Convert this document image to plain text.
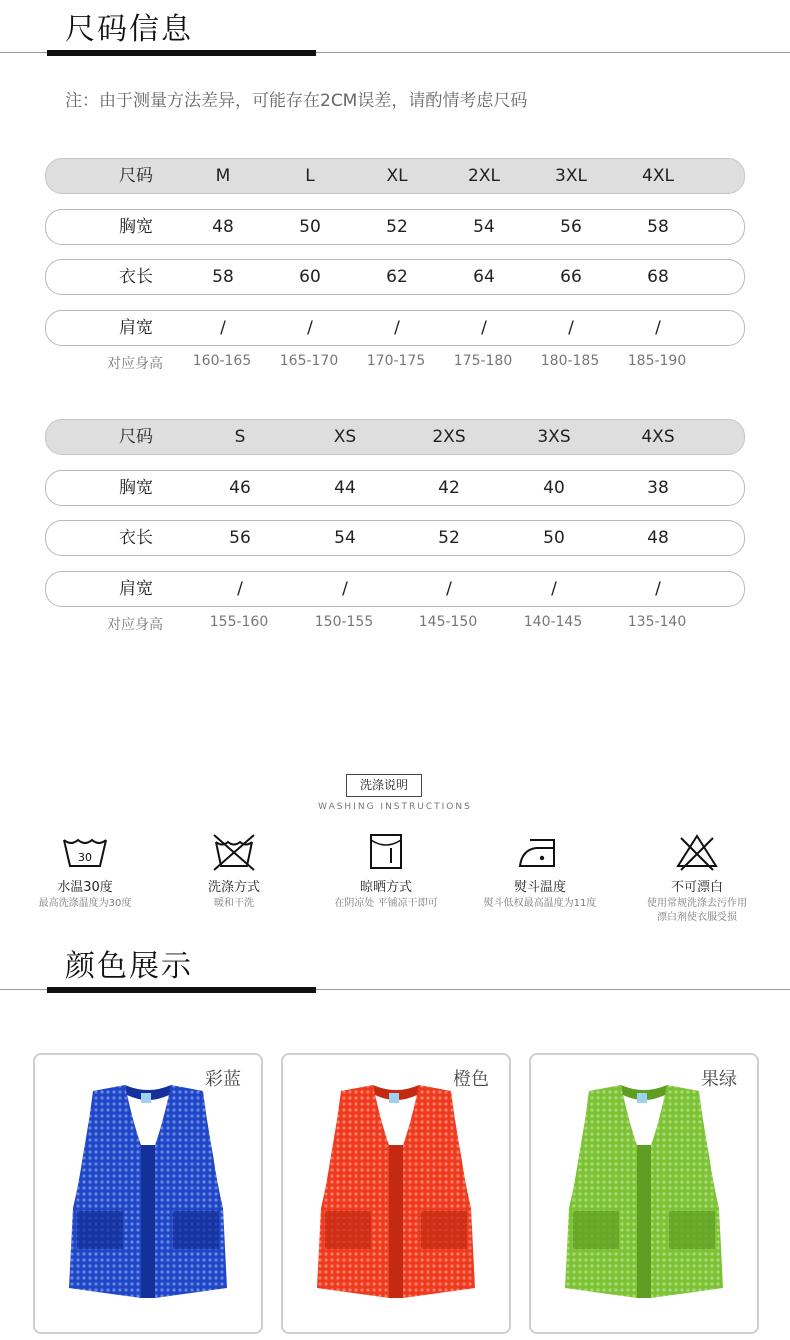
尺码信息
注：由于测量方法差异，可能存在2CM误差，请酌情考虑尺码
尺码	M	L	XL	2XL	3XL	4XL
胸宽	48	50	52	54	56	58
衣长	58	60	62	64	66	68
肩宽	/	/	/	/	/	/
对应身高 160-165 165-170 170-175 175-180 180-185 185-190
尺码	S	XS	2XS	3XS	4XS
胸宽	46	44	42	40	38
衣长	56	54	52	50	48
肩宽	/	/	/	/	/
对应身高	155-160	150-155	145-150	140-145	135-140
洗涤说明
WASHING INSTRUCTIONS
30
水温30度
最高洗涤温度为30度
洗涤方式
暖和干洗
晾晒方式
在阴凉处 平铺凉干即可
熨斗温度
熨斗低权最高温度为11度
不可漂白
使用常规洗涤去污作用
漂白剂使衣服受损
颜色展示
彩蓝	橙色	果绿
